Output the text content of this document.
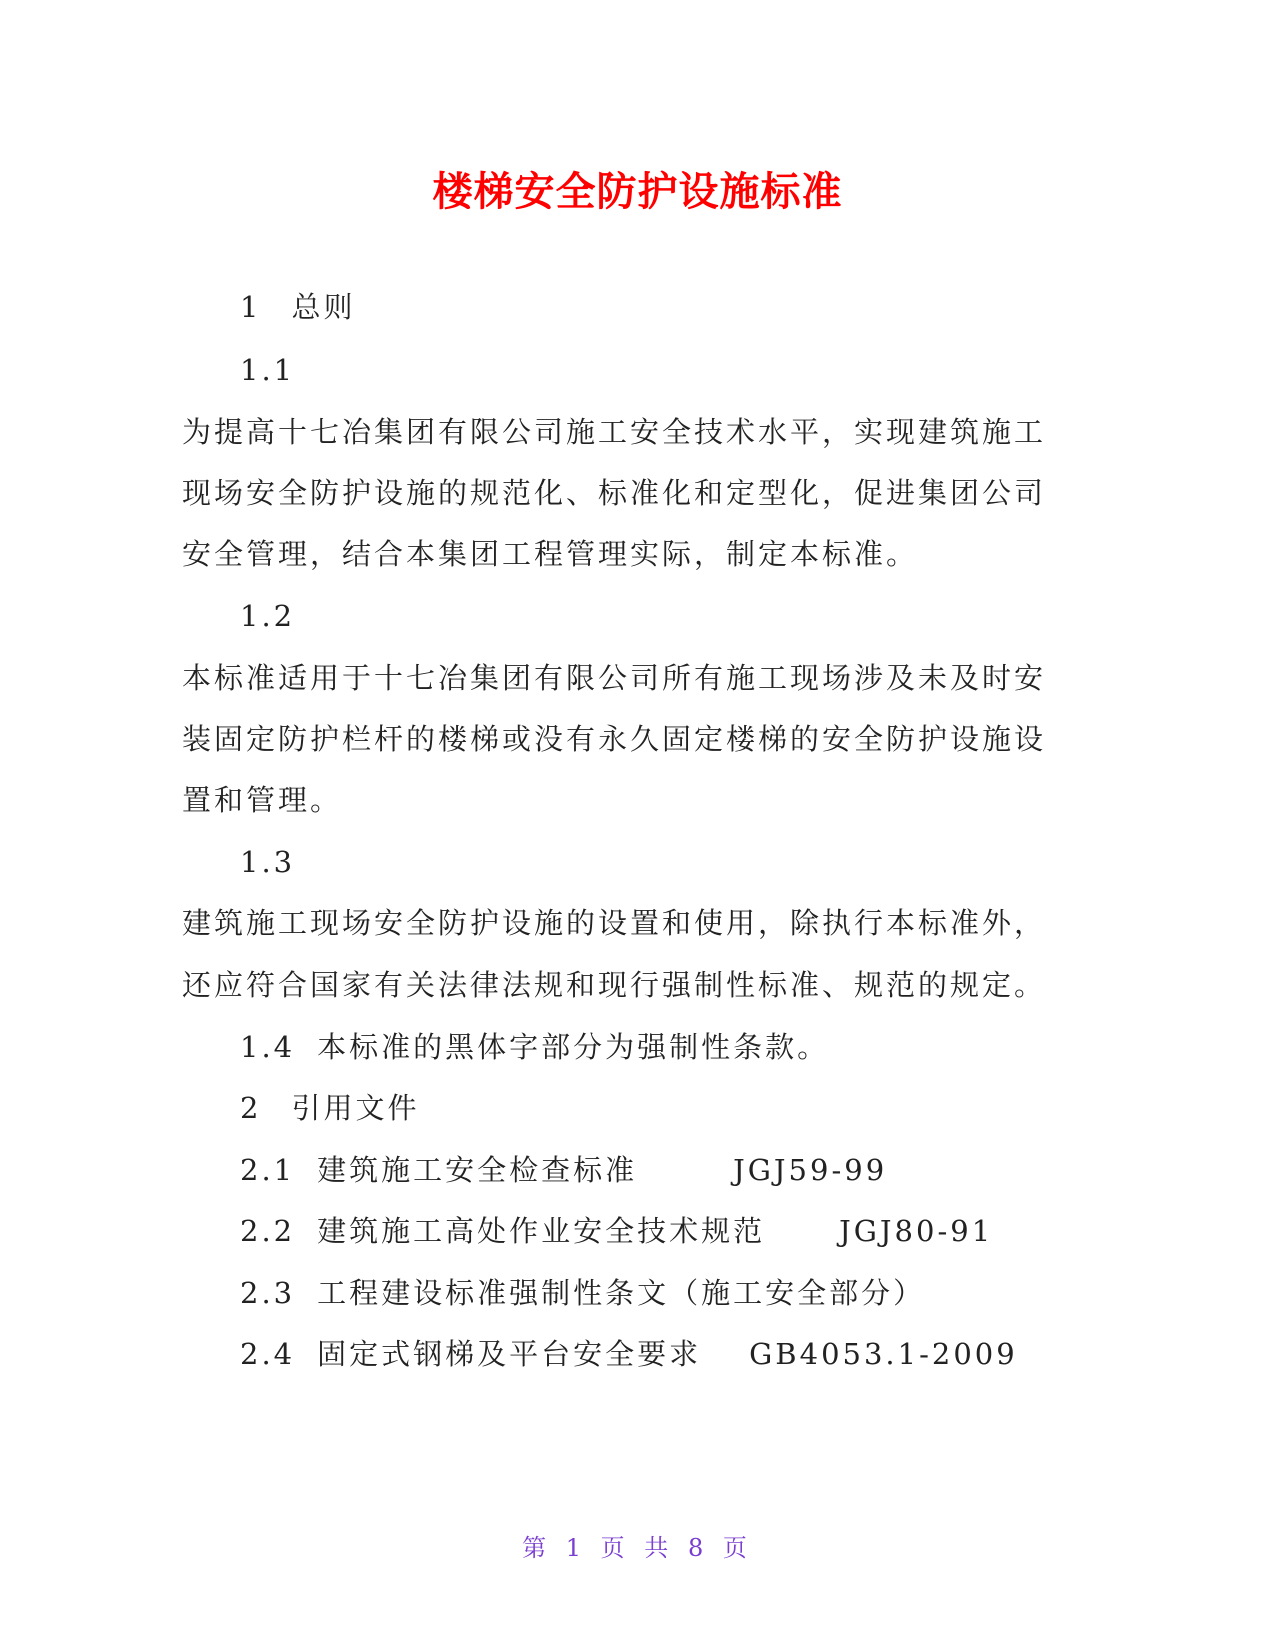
楼梯安全防护设施标准
1 总则
1.1
为提高十七冶集团有限公司施工安全技术水平，实现建筑施工
现场安全防护设施的规范化、标准化和定型化，促进集团公司
安全管理，结合本集团工程管理实际，制定本标准。
1.2
本标准适用于十七冶集团有限公司所有施工现场涉及未及时安
装固定防护栏杆的楼梯或没有永久固定楼梯的安全防护设施设
置和管理。
1.3
建筑施工现场安全防护设施的设置和使用，除执行本标准外，
还应符合国家有关法律法规和现行强制性标准、规范的规定。
1.4 本标准的黑体字部分为强制性条款。
2 引用文件
2.1 建筑施工安全检查标准	JGJ59-99
2.2 建筑施工高处作业安全技术规范	JGJ80-91
2.3 工程建设标准强制性条文（施工安全部分）
2.4 固定式钢梯及平台安全要求 GB4053.1-2009
第 1 页 共 8 页
